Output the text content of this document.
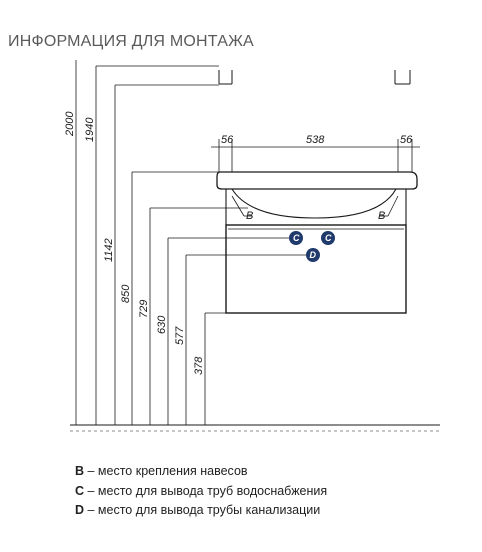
ИНФОРМАЦИЯ ДЛЯ МОНТАЖА
B	B
C	C
D
56	538	56
2000 1940
1142
850
729
630
577
378
B – место крепления навесов
C – место для вывода труб водоснабжения
D – место для вывода трубы канализации
